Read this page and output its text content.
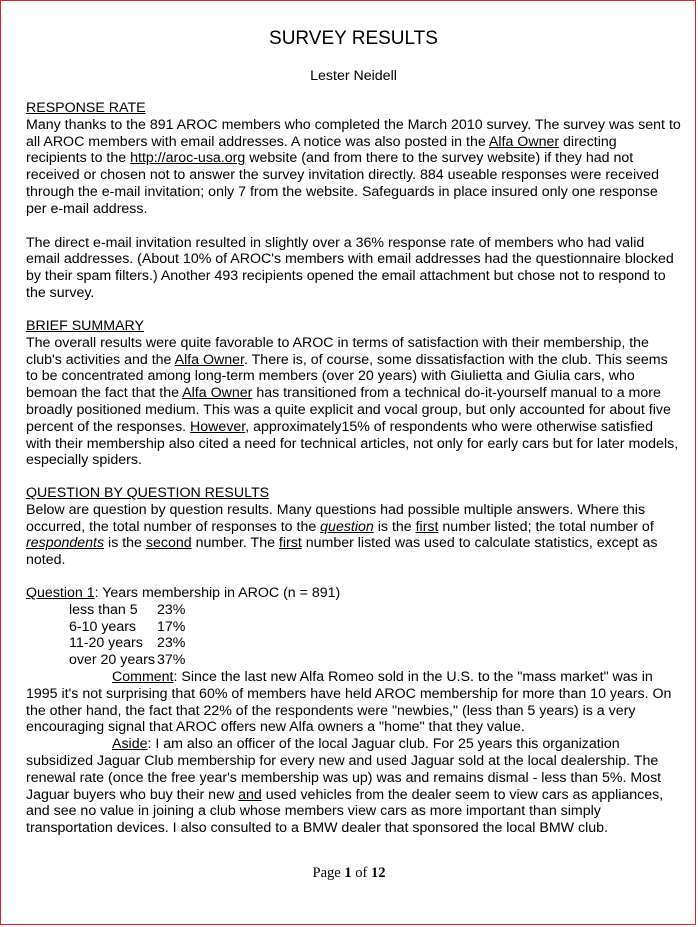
SURVEY RESULTS
Lester Neidell

RESPONSE RATE

Many thanks to the 891 AROC members who completed the March 2010 survey. The survey was sent to all AROC members with email addresses. A notice was also posted in the Alfa Owner directing recipients to the http://aroc-usa.org website (and from there to the survey website) if they had not received or chosen not to answer the survey invitation directly. 884 useable responses were received through the e-mail invitation; only 7 from the website. Safeguards in place insured only one response per e-mail address.

The direct e-mail invitation resulted in slightly over a 36% response rate of members who had valid email addresses. (About 10% of AROC's members with email addresses had the questionnaire blocked by their spam filters.) Another 493 recipients opened the email attachment but chose not to respond to the survey.

BRIEF SUMMARY

The overall results were quite favorable to AROC in terms of satisfaction with their membership, the club's activities and the Alfa Owner. There is, of course, some dissatisfaction with the club. This seems to be concentrated among long-term members (over 20 years) with Giulietta and Giulia cars, who bemoan the fact that the Alfa Owner has transitioned from a technical do-it-yourself manual to a more broadly positioned medium. This was a quite explicit and vocal group, but only accounted for about five percent of the responses. However, approximately15% of respondents who were otherwise satisfied with their membership also cited a need for technical articles, not only for early cars but for later models, especially spiders.

QUESTION BY QUESTION RESULTS

Below are question by question results. Many questions had possible multiple answers. Where this occurred, the total number of responses to the question is the first number listed; the total number of respondents is the second number. The first number listed was used to calculate statistics, except as noted.

Question 1: Years membership in AROC (n = 891)

less than 5	23%
6-10 years	17%
11-20 years 23%
over 20 years 37%

Comment: Since the last new Alfa Romeo sold in the U.S. to the "mass market" was in 1995 it's not surprising that 60% of members have held AROC membership for more than 10 years. On the other hand, the fact that 22% of the respondents were "newbies," (less than 5 years) is a very encouraging signal that AROC offers new Alfa owners a "home" that they value.

Aside: I am also an officer of the local Jaguar club. For 25 years this organization subsidized Jaguar Club membership for every new and used Jaguar sold at the local dealership. The renewal rate (once the free year's membership was up) was and remains dismal - less than 5%. Most Jaguar buyers who buy their new and used vehicles from the dealer seem to view cars as appliances, and see no value in joining a club whose members view cars as more important than simply transportation devices. I also consulted to a BMW dealer that sponsored the local BMW club.

Page 1 of 12
